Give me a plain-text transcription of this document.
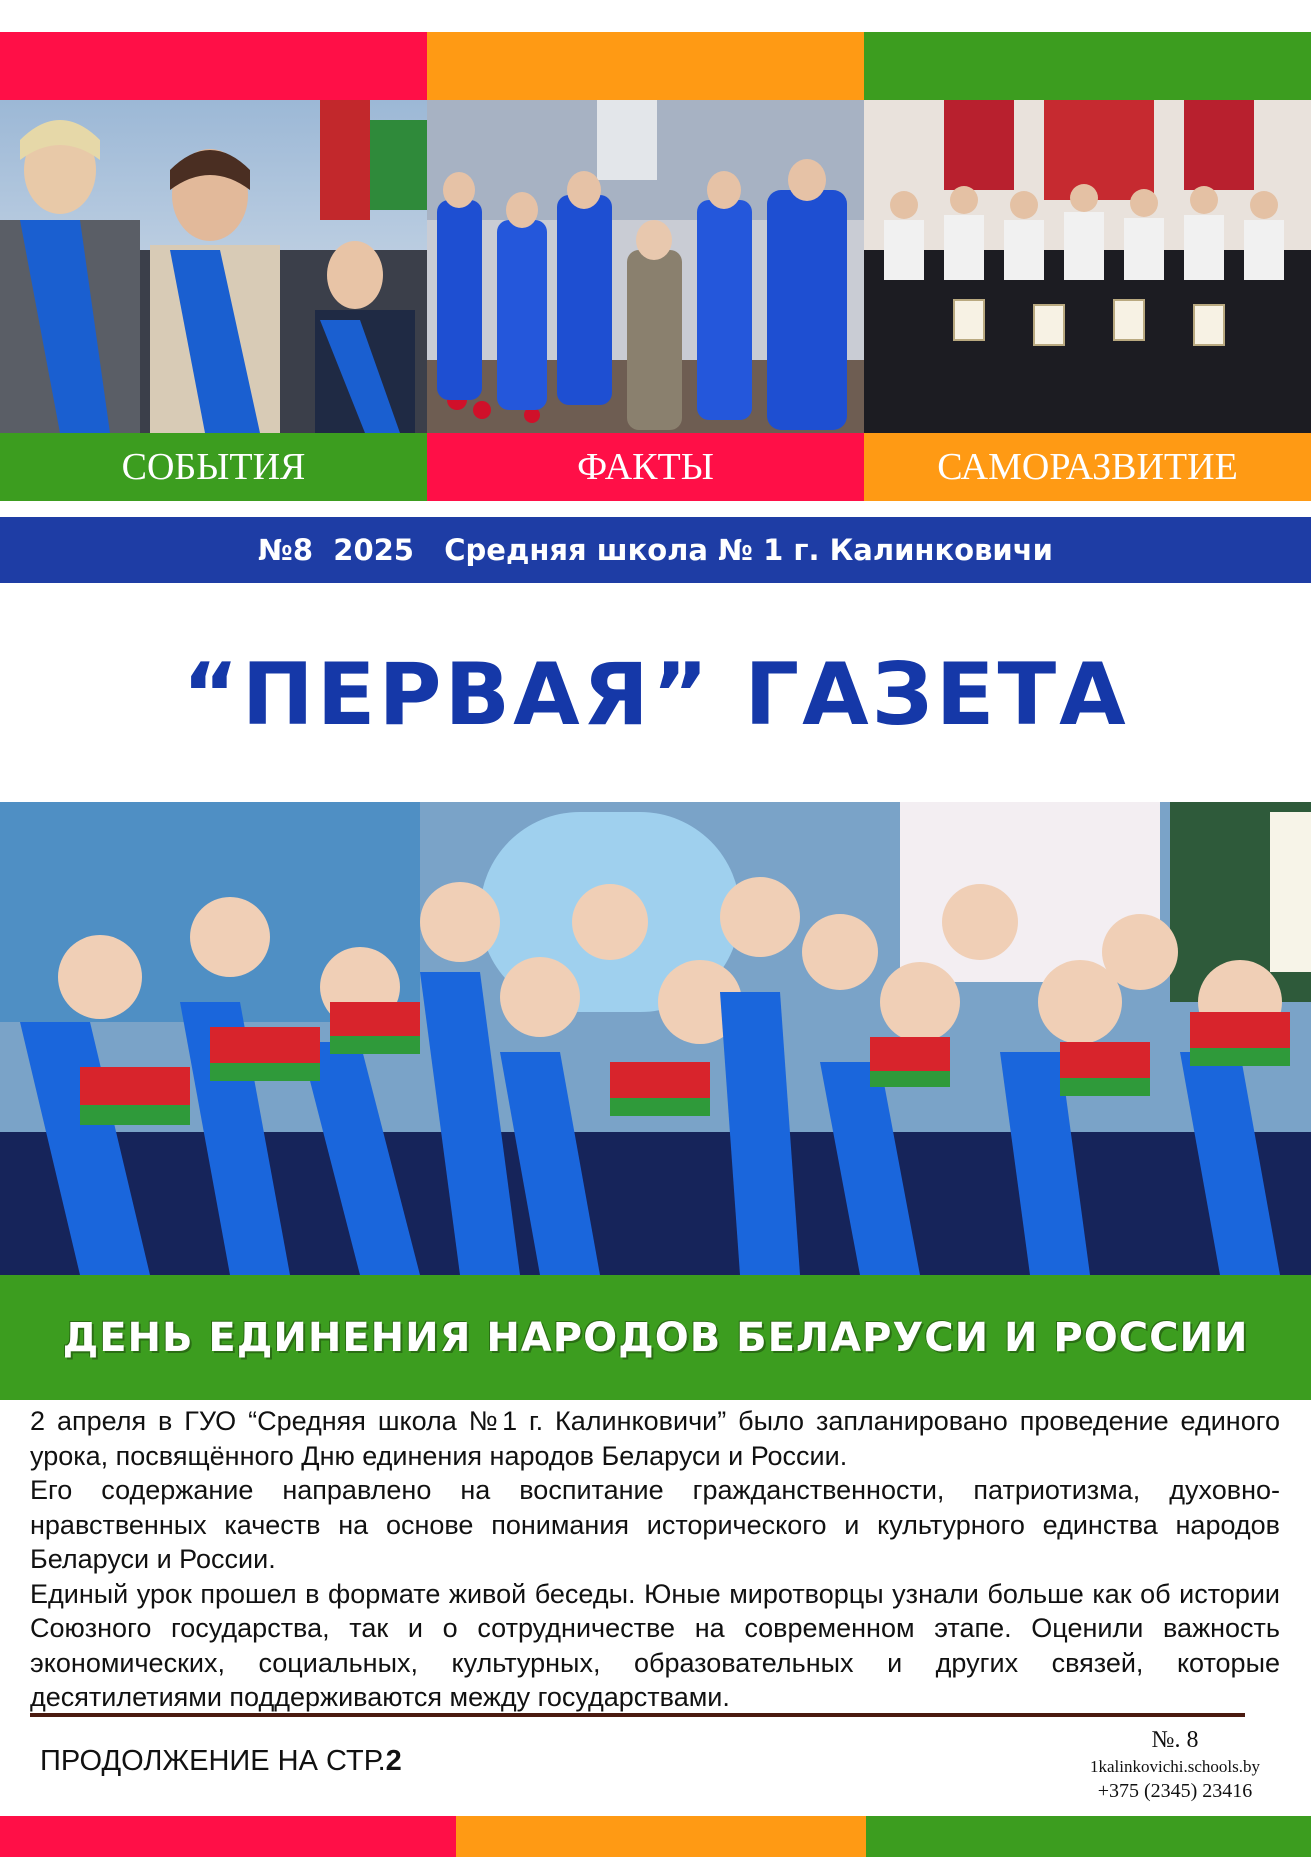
СОБЫТИЯ	ФАКТЫ	САМОРАЗВИТИЕ
№8  2025   Средняя школа № 1 г. Калинковичи
“ПЕРВАЯ” ГАЗЕТА
ДЕНЬ ЕДИНЕНИЯ НАРОДОВ БЕЛАРУСИ И РОССИИ

2 апреля в ГУО “Средняя школа №1 г. Калинковичи” было запланировано проведение единого урока, посвящённого Дню единения народов Беларуси и России.

Его содержание направлено на воспитание гражданственности, патриотизма, духовно-нравственных качеств на основе понимания исторического и культурного единства народов Беларуси и России.

Единый урок прошел в формате живой беседы. Юные миротворцы узнали больше как об истории Союзного государства, так и о сотрудничестве на современном этапе. Оценили важность экономических, социальных, культурных, образовательных и других связей, которые десятилетиями поддерживаются между государствами.

ПРОДОЛЖЕНИЕ НА СТР.2
№. 8
1kalinkovichi.schools.by
+375 (2345) 23416
